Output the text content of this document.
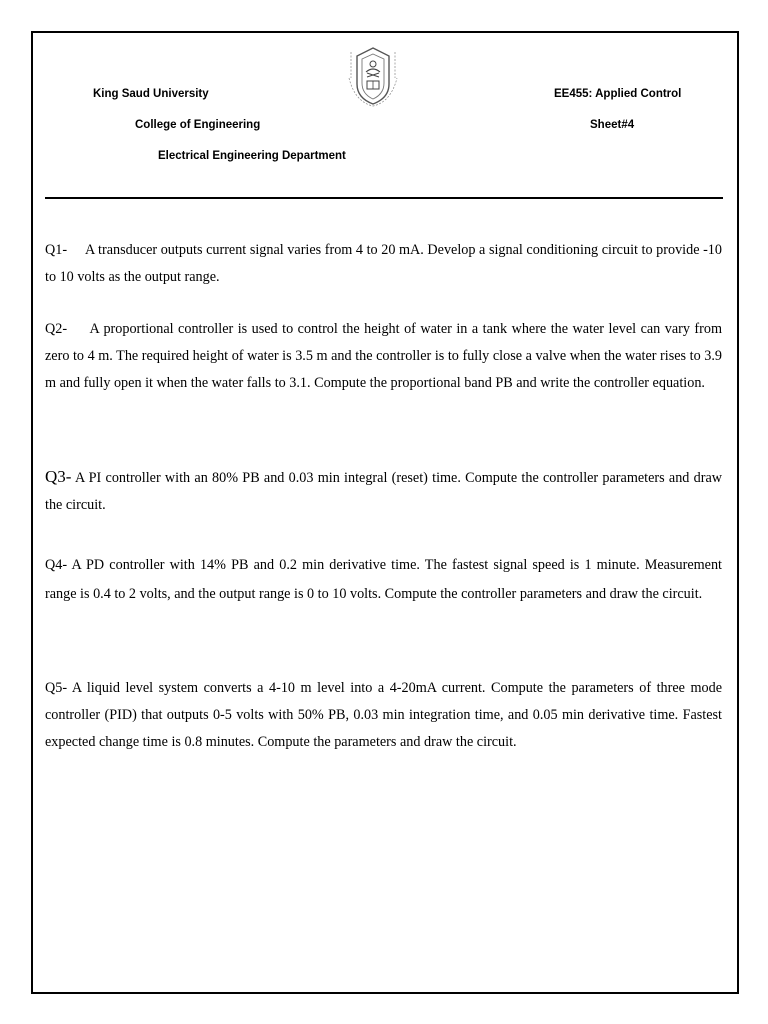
King Saud University
College of Engineering
Electrical Engineering Department
EE455: Applied Control
Sheet#4
Q1- A transducer outputs current signal varies from 4 to 20 mA. Develop a signal conditioning circuit to provide -10 to 10 volts as the output range.
Q2- A proportional controller is used to control the height of water in a tank where the water level can vary from zero to 4 m. The required height of water is 3.5 m and the controller is to fully close a valve when the water rises to 3.9 m and fully open it when the water falls to 3.1. Compute the proportional band PB and write the controller equation.
Q3- A PI controller with an 80% PB and 0.03 min integral (reset) time. Compute the controller parameters and draw the circuit.
Q4- A PD controller with 14% PB and 0.2 min derivative time. The fastest signal speed is 1 minute. Measurement range is 0.4 to 2 volts, and the output range is 0 to 10 volts. Compute the controller parameters and draw the circuit.
Q5- A liquid level system converts a 4-10 m level into a 4-20mA current. Compute the parameters of three mode controller (PID) that outputs 0-5 volts with 50% PB, 0.03 min integration time, and 0.05 min derivative time. Fastest expected change time is 0.8 minutes. Compute the parameters and draw the circuit.
